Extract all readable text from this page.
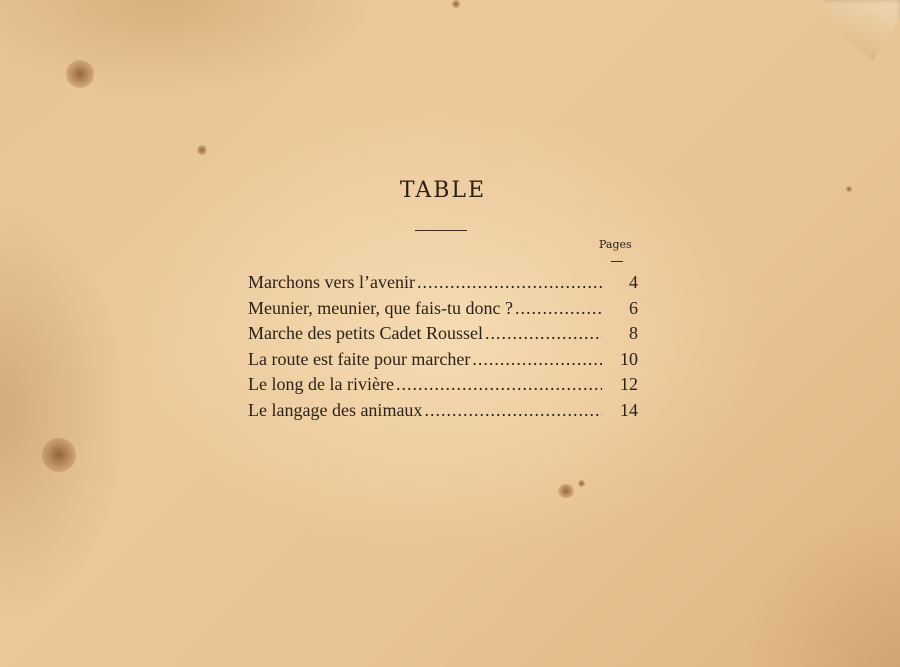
TABLE
Pages
Marchons vers l’avenir .....	4
Meunier, meunier, que fais-tu donc ? .....	6
Marche des petits Cadet Roussel .....	8
La route est faite pour marcher .....	10
Le long de la rivière .....	12
Le langage des animaux .....	14
